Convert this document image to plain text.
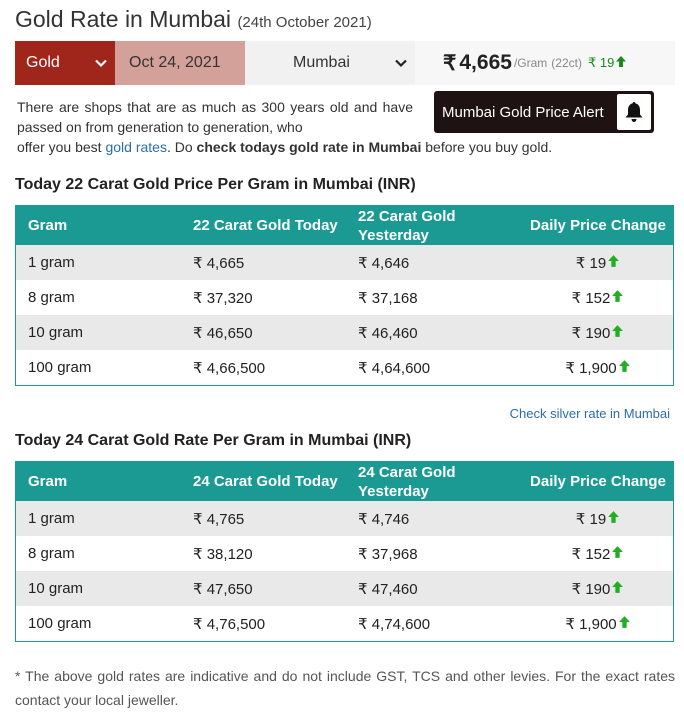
Gold Rate in Mumbai (24th October 2021)
Gold	Oct 24, 2021	Mumbai	₹ 4,665 /Gram (22ct) ₹ 19
There are shops that are as much as 300 years old and have passed on from generation to generation, who
offer you best gold rates. Do check todays gold rate in Mumbai before you buy gold.
Mumbai Gold Price Alert
Today 22 Carat Gold Price Per Gram in Mumbai (INR)
Gram	22 Carat Gold Today	22 Carat Gold Yesterday	Daily Price Change
1 gram	₹ 4,665	₹ 4,646	₹ 19
8 gram	₹ 37,320	₹ 37,168	₹ 152
10 gram	₹ 46,650	₹ 46,460	₹ 190
100 gram	₹ 4,66,500	₹ 4,64,600	₹ 1,900
Check silver rate in Mumbai
Today 24 Carat Gold Rate Per Gram in Mumbai (INR)
Gram	24 Carat Gold Today	24 Carat Gold Yesterday	Daily Price Change
1 gram	₹ 4,765	₹ 4,746	₹ 19
8 gram	₹ 38,120	₹ 37,968	₹ 152
10 gram	₹ 47,650	₹ 47,460	₹ 190
100 gram	₹ 4,76,500	₹ 4,74,600	₹ 1,900
* The above gold rates are indicative and do not include GST, TCS and other levies. For the exact rates contact your local jeweller.
